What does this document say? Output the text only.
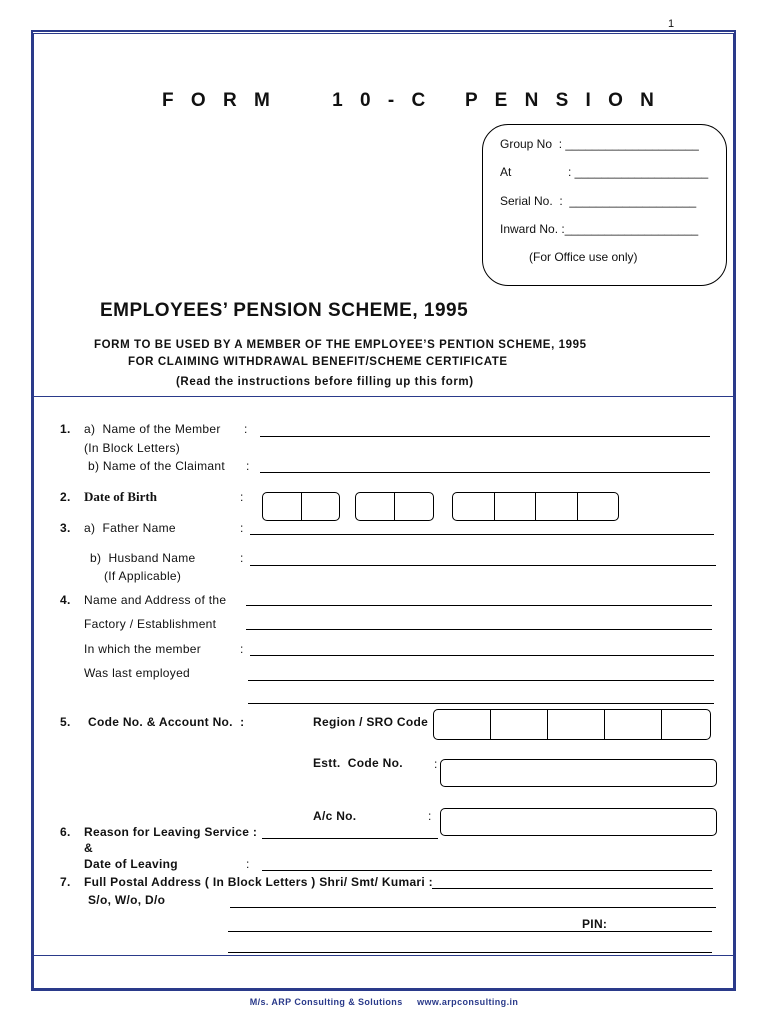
1
F O R M     1 0 - C   P E N S I O N
Group No  : ____________________
At                 : ____________________
Serial No.  :  ___________________
Inward No. :____________________
(For Office use only)
EMPLOYEES’ PENSION SCHEME, 1995
FORM TO BE USED BY A MEMBER OF THE EMPLOYEE’S PENTION SCHEME, 1995
FOR CLAIMING WITHDRAWAL BENEFIT/SCHEME CERTIFICATE
(Read the instructions before filling up this form)
1. a)  Name of the Member :
(In Block Letters)
b) Name of the Claimant :
2. Date of Birth	:
3. a)  Father Name	:
b)  Husband Name	:
(If Applicable)
4. Name and Address of the
Factory / Establishment
In which the member	:
Was last employed
5. Code No. & Account No.  :	Region / SRO Code
Estt.  Code No.	:
A/c No.	:
6. Reason for Leaving Service :
&
Date of Leaving	:
7. Full Postal Address ( In Block Letters ) Shri/ Smt/ Kumari :
S/o, W/o, D/o
PIN:
M/s. ARP Consulting & Solutions     www.arpconsulting.in
